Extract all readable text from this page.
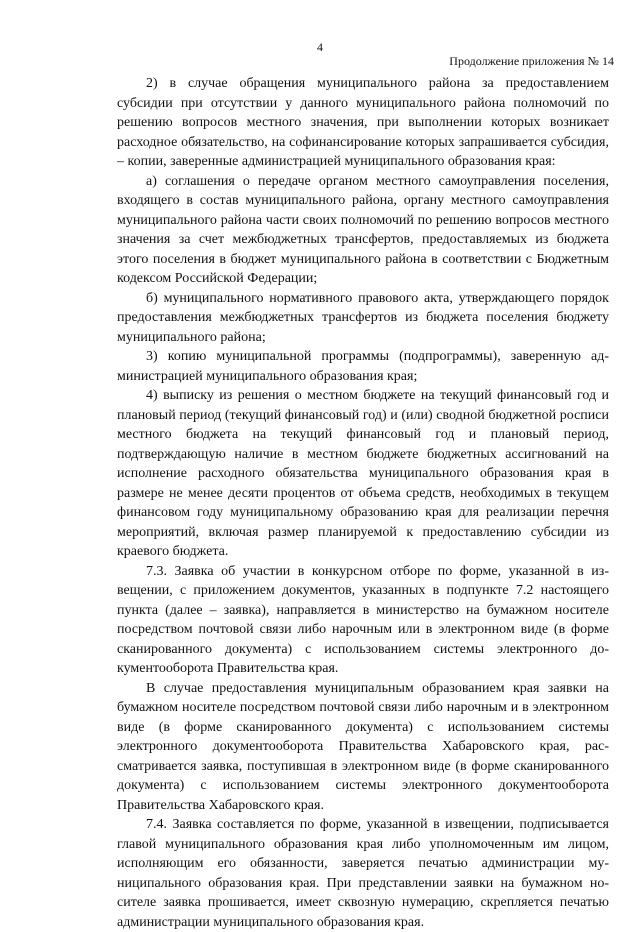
4
Продолжение приложения № 14

2) в случае обращения муниципального района за предоставлением субсидии при отсутствии у данного муниципального района полномочий по решению вопросов местного значения, при выполнении которых возникает расходное обязательство, на софинансирование которых запрашивается субсидия, – копии, заверенные администрацией муниципального образования края:

а) соглашения о передаче органом местного самоуправления поселения, входящего в состав муниципального района, органу местного самоуправления муниципального района части своих полномочий по решению вопросов местного значения за счет межбюджетных трансфертов, предоставляемых из бюджета этого поселения в бюджет муниципального района в соответствии с Бюджетным кодексом Российской Федерации;

б) муниципального нормативного правового акта, утверждающего порядок предоставления межбюджетных трансфертов из бюджета поселения бюджету муниципального района;

3) копию муниципальной программы (подпрограммы), заверенную администрацией муниципального образования края;

4) выписку из решения о местном бюджете на текущий финансовый год и плановый период (текущий финансовый год) и (или) сводной бюджетной росписи местного бюджета на текущий финансовый год и плановый период, подтверждающую наличие в местном бюджете бюджетных ассигнований на исполнение расходного обязательства муниципального образования края в размере не менее десяти процентов от объема средств, необходимых в текущем финансовом году муниципальному образованию края для реализации перечня мероприятий, включая размер планируемой к предоставлению субсидии из краевого бюджета.

7.3. Заявка об участии в конкурсном отборе по форме, указанной в извещении, с приложением документов, указанных в подпункте 7.2 настоящего пункта (далее – заявка), направляется в министерство на бумажном носителе посредством почтовой связи либо нарочным или в электронном виде (в форме сканированного документа) с использованием системы электронного документооборота Правительства края.

В случае предоставления муниципальным образованием края заявки на бумажном носителе посредством почтовой связи либо нарочным и в электронном виде (в форме сканированного документа) с использованием системы электронного документооборота Правительства Хабаровского края, рассматривается заявка, поступившая в электронном виде (в форме сканированного документа) с использованием системы электронного документооборота Правительства Хабаровского края.

7.4. Заявка составляется по форме, указанной в извещении, подписывается главой муниципального образования края либо уполномоченным им лицом, исполняющим его обязанности, заверяется печатью администрации муниципального образования края. При представлении заявки на бумажном носителе заявка прошивается, имеет сквозную нумерацию, скрепляется печатью администрации муниципального образования края.
